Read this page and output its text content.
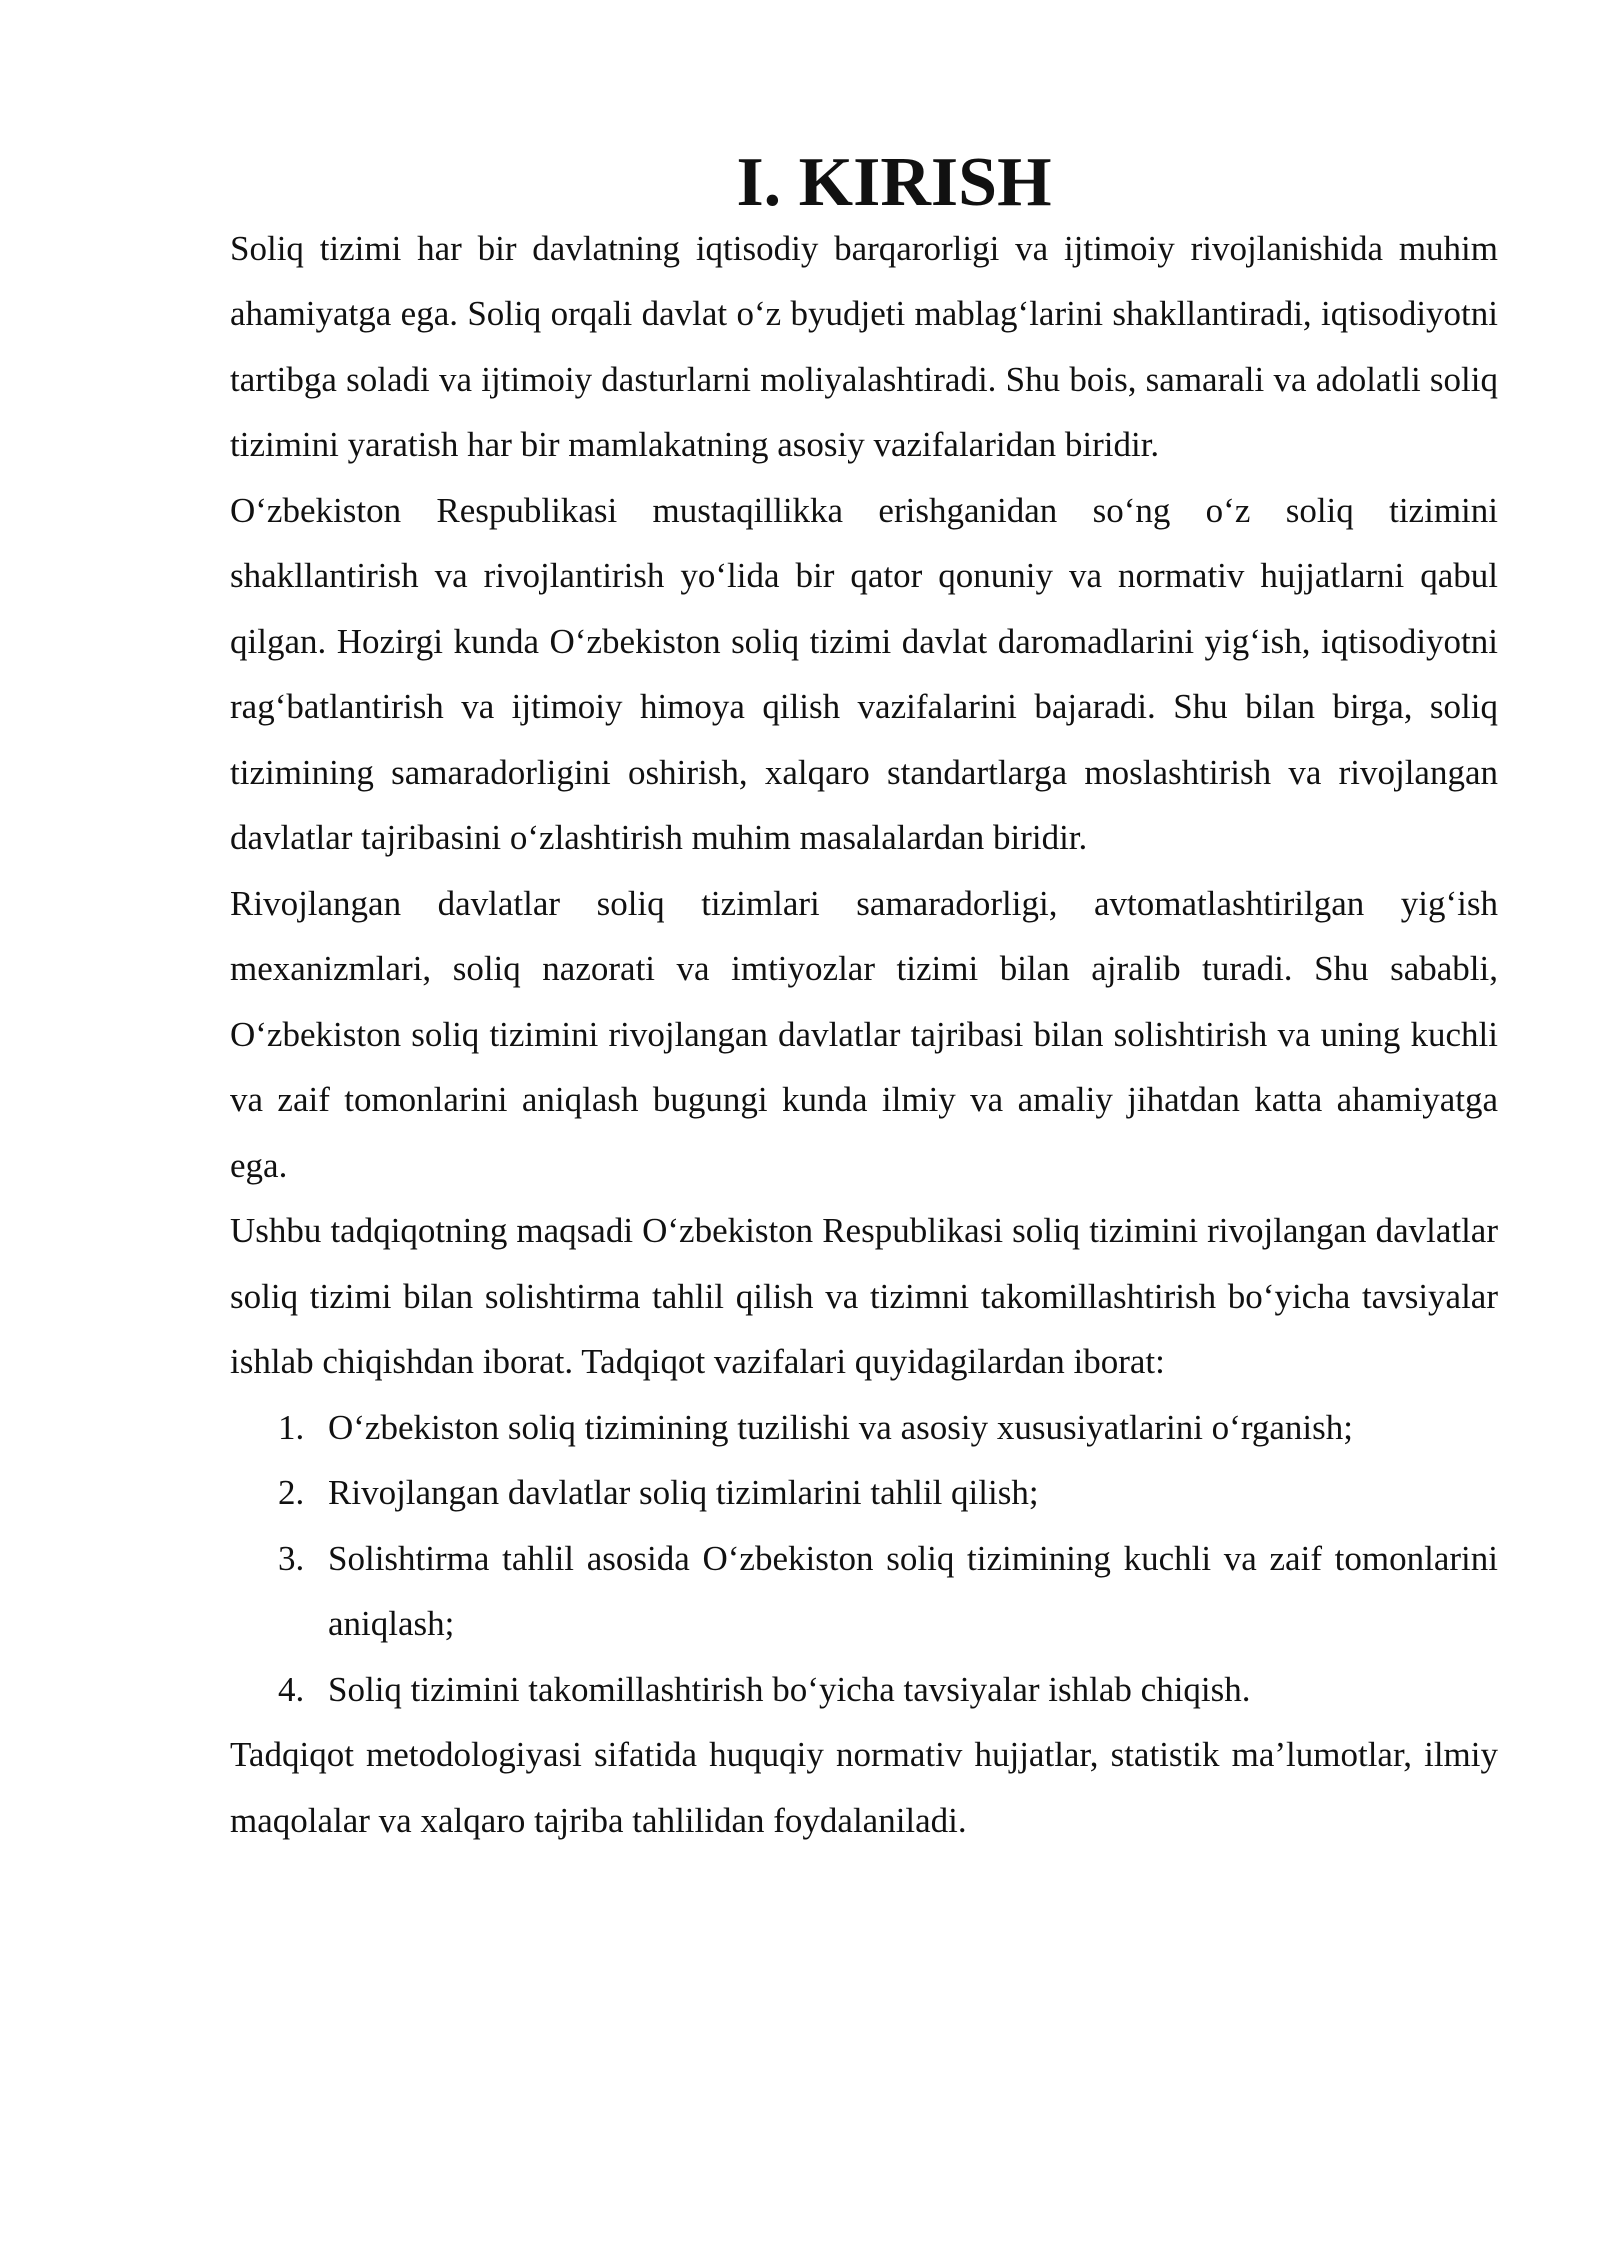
I. KIRISH

Soliq tizimi har bir davlatning iqtisodiy barqarorligi va ijtimoiy rivojlanishida muhim ahamiyatga ega. Soliq orqali davlat o‘z byudjeti mablag‘larini shakllantiradi, iqtisodiyotni tartibga soladi va ijtimoiy dasturlarni moliyalashtiradi. Shu bois, samarali va adolatli soliq tizimini yaratish har bir mamlakatning asosiy vazifalaridan biridir.

O‘zbekiston Respublikasi mustaqillikka erishganidan so‘ng o‘z soliq tizimini shakllantirish va rivojlantirish yo‘lida bir qator qonuniy va normativ hujjatlarni qabul qilgan. Hozirgi kunda O‘zbekiston soliq tizimi davlat daromadlarini yig‘ish, iqtisodiyotni rag‘batlantirish va ijtimoiy himoya qilish vazifalarini bajaradi. Shu bilan birga, soliq tizimining samaradorligini oshirish, xalqaro standartlarga moslashtirish va rivojlangan davlatlar tajribasini o‘zlashtirish muhim masalalardan biridir.

Rivojlangan davlatlar soliq tizimlari samaradorligi, avtomatlashtirilgan yig‘ish mexanizmlari, soliq nazorati va imtiyozlar tizimi bilan ajralib turadi. Shu sababli, O‘zbekiston soliq tizimini rivojlangan davlatlar tajribasi bilan solishtirish va uning kuchli va zaif tomonlarini aniqlash bugungi kunda ilmiy va amaliy jihatdan katta ahamiyatga ega.

Ushbu tadqiqotning maqsadi O‘zbekiston Respublikasi soliq tizimini rivojlangan davlatlar soliq tizimi bilan solishtirma tahlil qilish va tizimni takomillashtirish bo‘yicha tavsiyalar ishlab chiqishdan iborat. Tadqiqot vazifalari quyidagilardan iborat:

1. O‘zbekiston soliq tizimining tuzilishi va asosiy xususiyatlarini o‘rganish;
2. Rivojlangan davlatlar soliq tizimlarini tahlil qilish;
3. Solishtirma tahlil asosida O‘zbekiston soliq tizimining kuchli va zaif tomonlarini aniqlash;
4. Soliq tizimini takomillashtirish bo‘yicha tavsiyalar ishlab chiqish.

Tadqiqot metodologiyasi sifatida huquqiy normativ hujjatlar, statistik ma’lumotlar, ilmiy maqolalar va xalqaro tajriba tahlilidan foydalaniladi.
